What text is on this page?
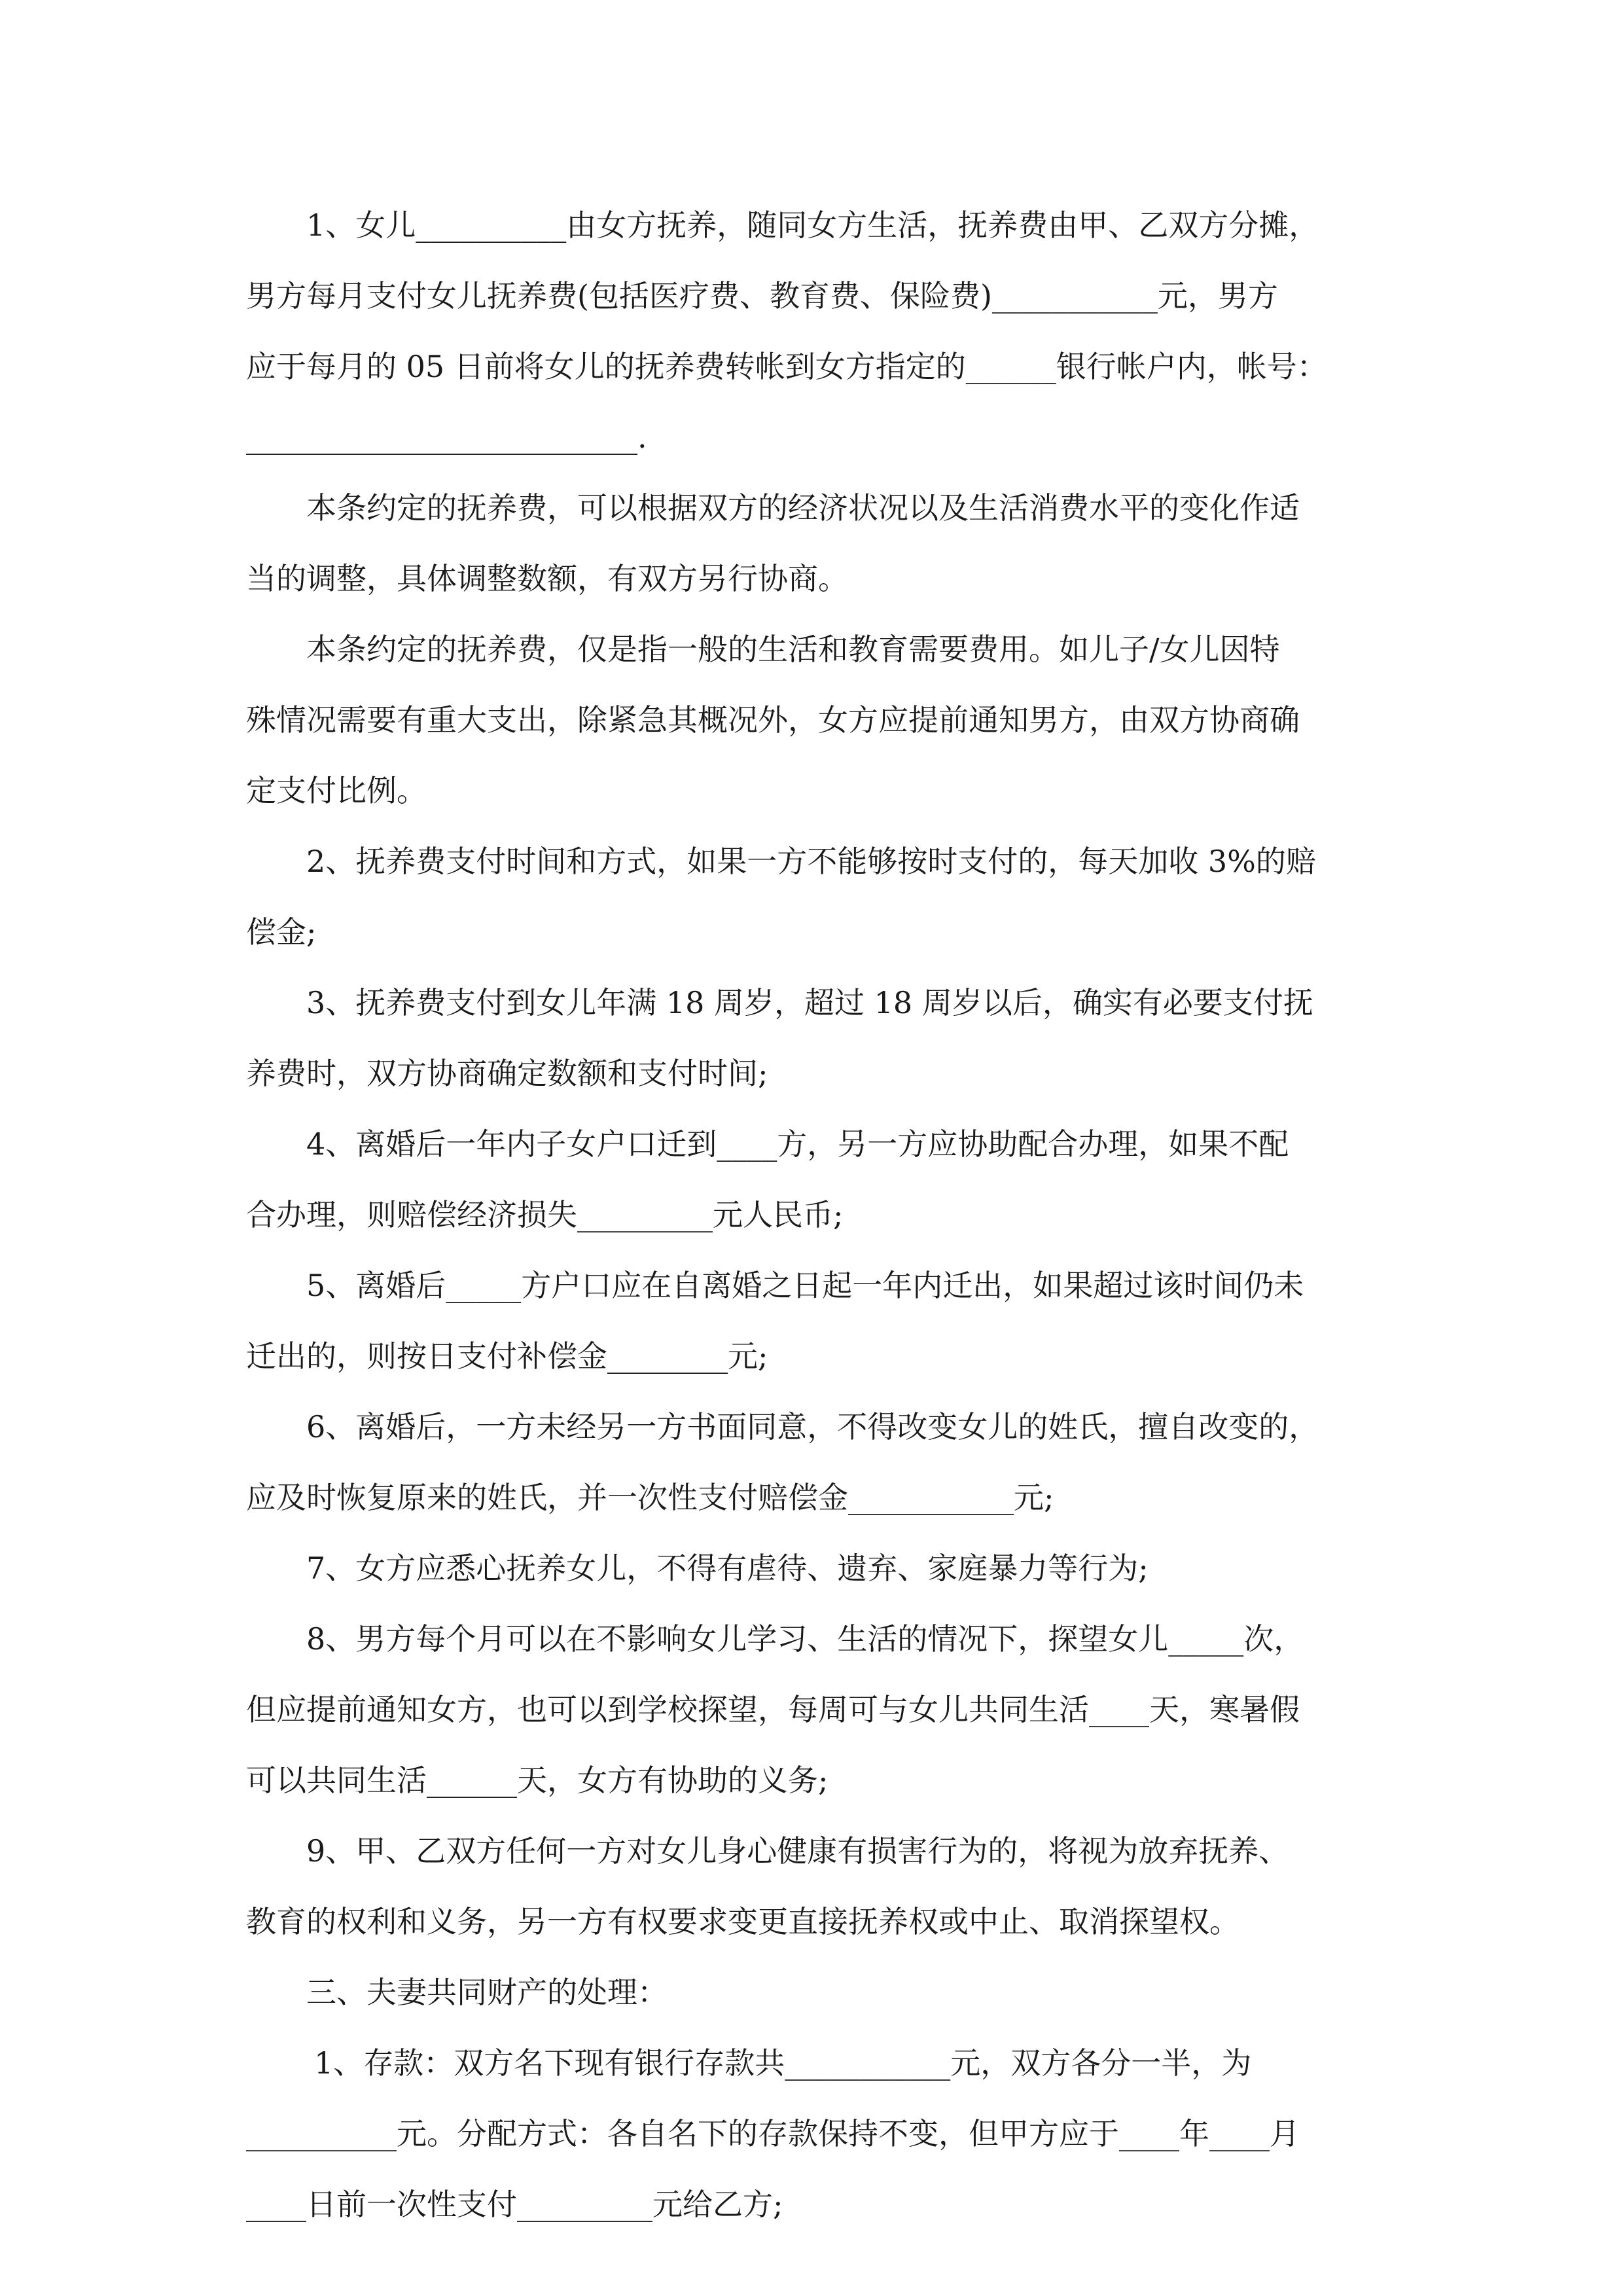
1、女儿__________由女方抚养，随同女方生活，抚养费由甲、乙双方分摊，
男方每月支付女儿抚养费(包括医疗费、教育费、保险费)___________元，男方
应于每月的 05 日前将女儿的抚养费转帐到女方指定的______银行帐户内，帐号：
__________________________.

本条约定的抚养费，可以根据双方的经济状况以及生活消费水平的变化作适
当的调整，具体调整数额，有双方另行协商。

本条约定的抚养费，仅是指一般的生活和教育需要费用。如儿子/女儿因特
殊情况需要有重大支出，除紧急其概况外，女方应提前通知男方，由双方协商确
定支付比例。

2、抚养费支付时间和方式，如果一方不能够按时支付的，每天加收 3%的赔
偿金;

3、抚养费支付到女儿年满 18 周岁，超过 18 周岁以后，确实有必要支付抚
养费时，双方协商确定数额和支付时间;

4、离婚后一年内子女户口迁到____方，另一方应协助配合办理，如果不配
合办理，则赔偿经济损失_________元人民币;

5、离婚后_____方户口应在自离婚之日起一年内迁出，如果超过该时间仍未
迁出的，则按日支付补偿金________元;

6、离婚后，一方未经另一方书面同意，不得改变女儿的姓氏，擅自改变的，
应及时恢复原来的姓氏，并一次性支付赔偿金___________元;

7、女方应悉心抚养女儿，不得有虐待、遗弃、家庭暴力等行为;

8、男方每个月可以在不影响女儿学习、生活的情况下，探望女儿_____次，
但应提前通知女方，也可以到学校探望，每周可与女儿共同生活____天，寒暑假
可以共同生活______天，女方有协助的义务;

9、甲、乙双方任何一方对女儿身心健康有损害行为的，将视为放弃抚养、
教育的权利和义务，另一方有权要求变更直接抚养权或中止、取消探望权。

三、夫妻共同财产的处理：

1、存款：双方名下现有银行存款共___________元，双方各分一半，为
__________元。分配方式：各自名下的存款保持不变，但甲方应于____年____月
____日前一次性支付_________元给乙方;
